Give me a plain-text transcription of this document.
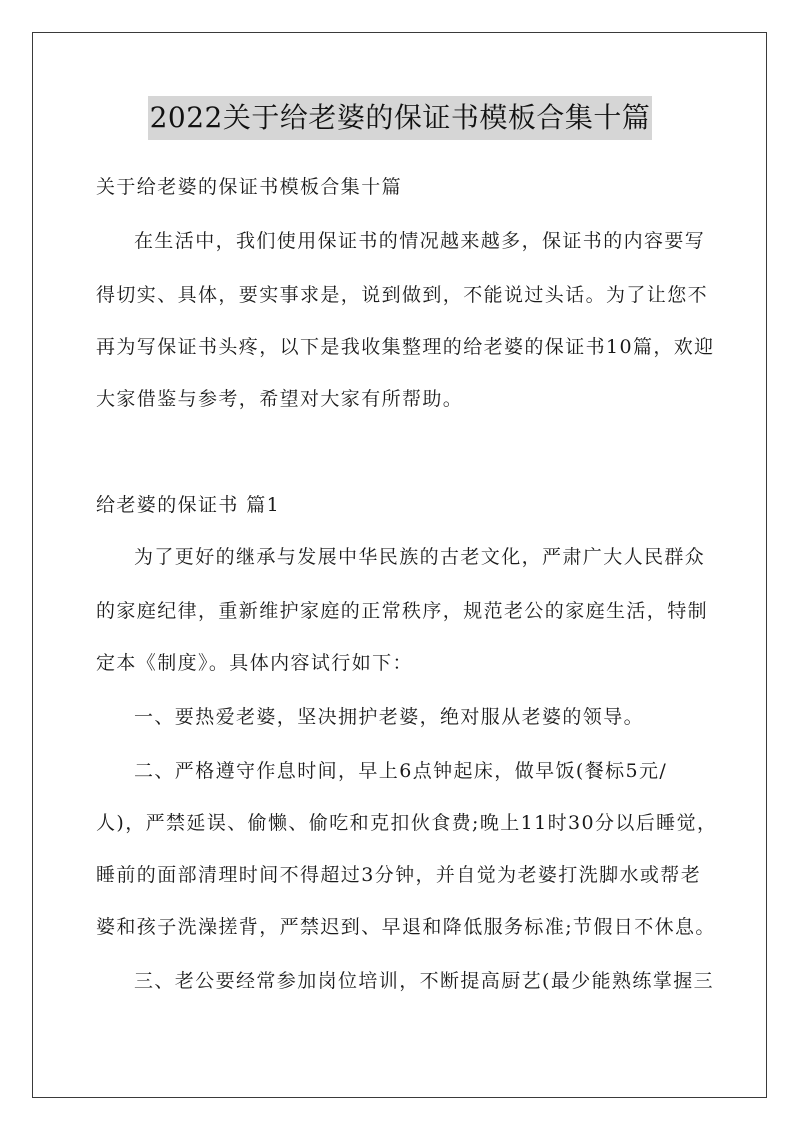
2022关于给老婆的保证书模板合集十篇
关于给老婆的保证书模板合集十篇
在生活中，我们使用保证书的情况越来越多，保证书的内容要写
得切实、具体，要实事求是，说到做到，不能说过头话。为了让您不
再为写保证书头疼，以下是我收集整理的给老婆的保证书10篇，欢迎
大家借鉴与参考，希望对大家有所帮助。
给老婆的保证书 篇1
为了更好的继承与发展中华民族的古老文化，严肃广大人民群众
的家庭纪律，重新维护家庭的正常秩序，规范老公的家庭生活，特制
定本《制度》。具体内容试行如下：
一、要热爱老婆，坚决拥护老婆，绝对服从老婆的领导。
二、严格遵守作息时间，早上6点钟起床，做早饭(餐标5元/
人)，严禁延误、偷懒、偷吃和克扣伙食费;晚上11时30分以后睡觉，
睡前的面部清理时间不得超过3分钟，并自觉为老婆打洗脚水或帮老
婆和孩子洗澡搓背，严禁迟到、早退和降低服务标准;节假日不休息。
三、老公要经常参加岗位培训，不断提高厨艺(最少能熟练掌握三
